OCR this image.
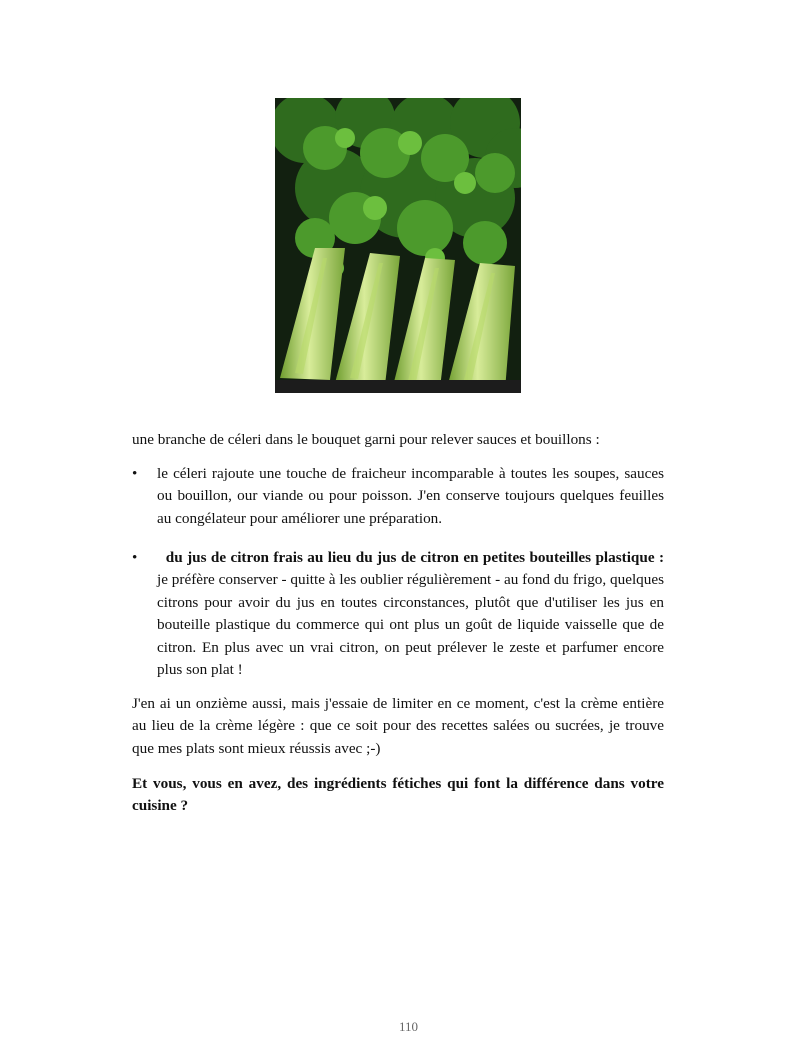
une branche de céleri dans le bouquet garni pour relever sauces et bouillons :
•	le céleri rajoute une touche de fraicheur incomparable à toutes les soupes, sauces ou bouillon, our viande ou pour poisson. J'en conserve toujours quelques feuilles au congélateur pour améliorer une préparation.
•	du jus de citron frais au lieu du jus de citron en petites bouteilles plastique : je préfère conserver - quitte à les oublier régulièrement - au fond du frigo, quelques citrons pour avoir du jus en toutes circonstances, plutôt que d'utiliser les jus en bouteille plastique du commerce qui ont plus un goût de liquide vaisselle que de citron. En plus avec un vrai citron, on peut prélever le zeste et parfumer encore plus son plat !
J'en ai un onzième aussi, mais j'essaie de limiter en ce moment, c'est la crème entière au lieu de la crème légère : que ce soit pour des recettes salées ou sucrées, je trouve que mes plats sont mieux réussis avec ;-)
Et vous, vous en avez, des ingrédients fétiches qui font la différence dans votre cuisine ?
110
